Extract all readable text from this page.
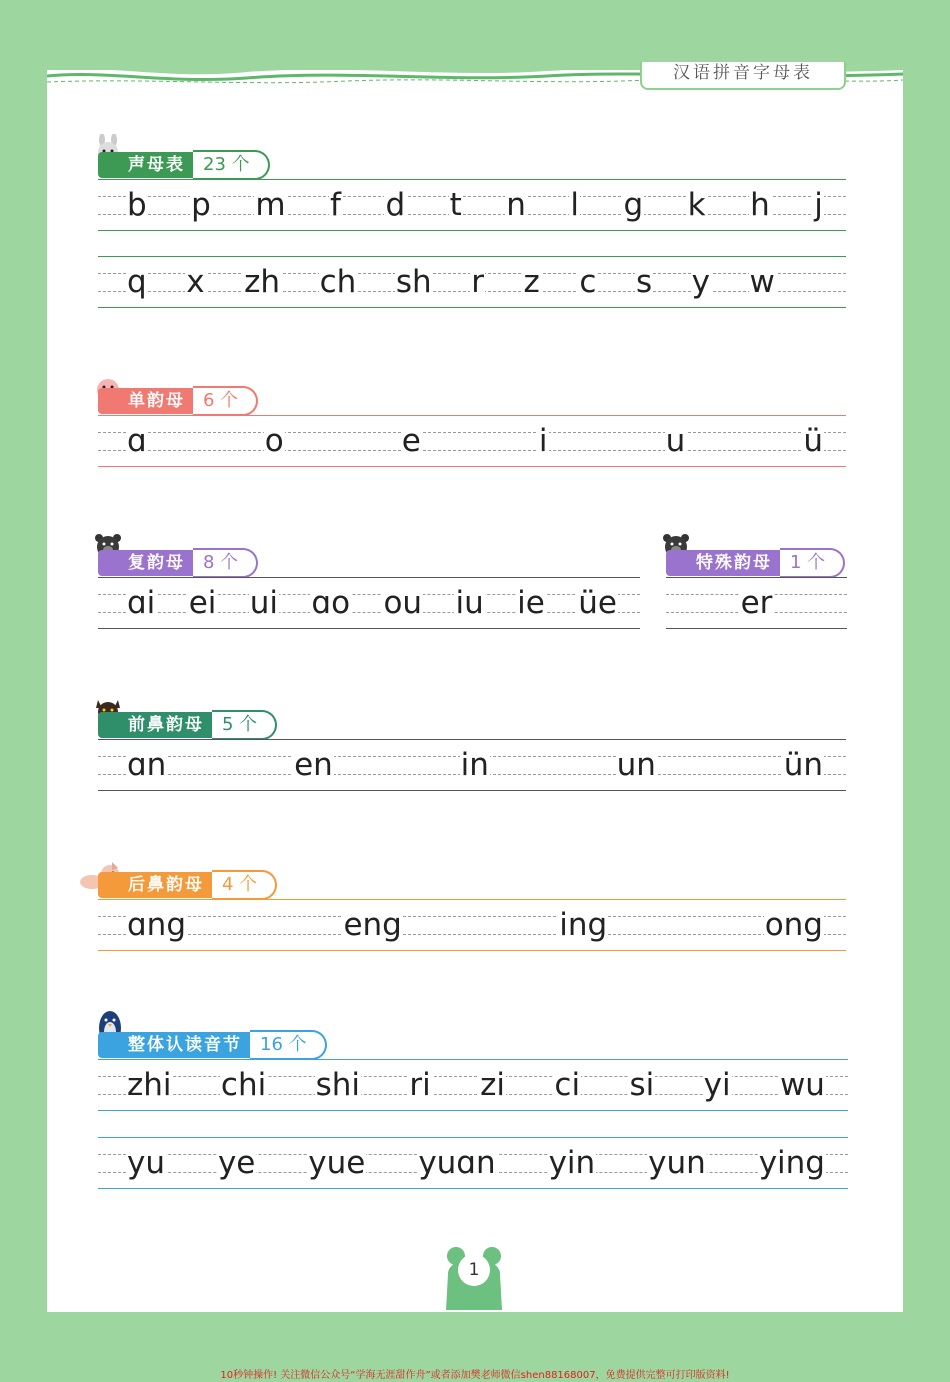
汉语拼音字母表
声母表	23 个
b p m f d t n l g k h j
q x zh ch sh r z c s y w
单韵母	6 个
ɑ	o	e	i	u	ü
复韵母	8 个
ɑi ei ui ɑo ou iu ie üe
特殊韵母	1 个
er
前鼻韵母	5 个
ɑn	en	in	un	ün
后鼻韵母	4 个
ɑng	eng	ing	ong
整体认读音节	16 个
zhi chi shi ri zi ci si yi wu
yu ye yue yuɑn yin yun ying
1
10秒钟操作! 关注微信公众号“学海无涯甜作舟”或者添加樊老师微信shen88168007，免费提供完整可打印版资料!
